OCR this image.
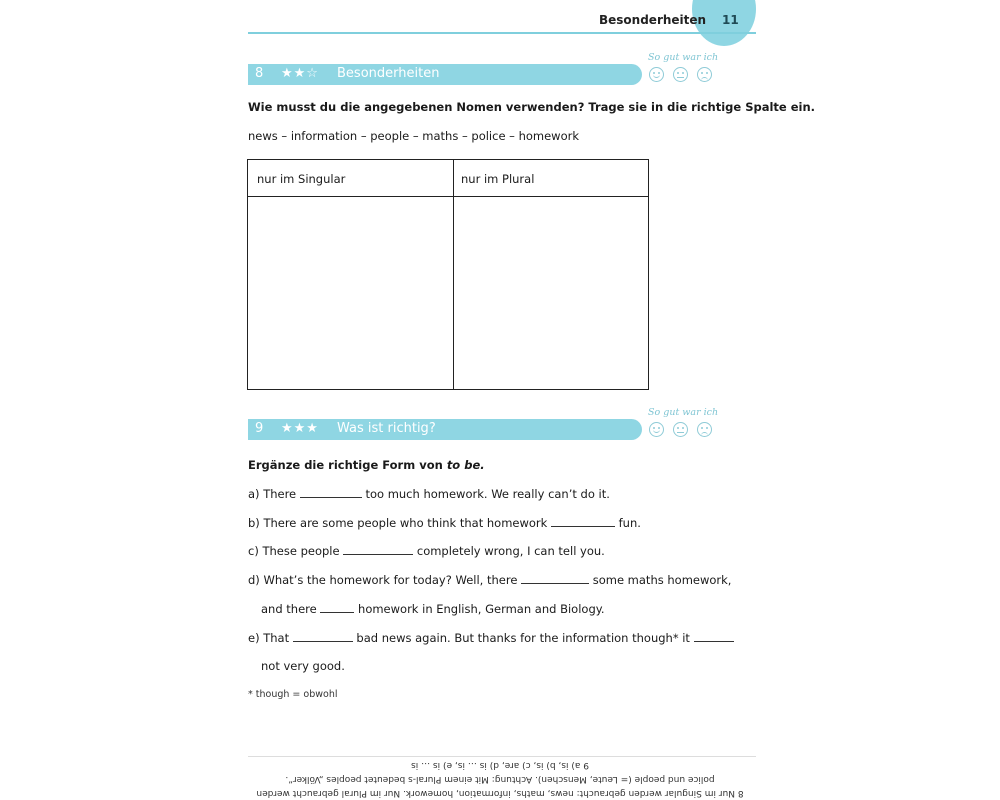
Besonderheiten 11
So gut war ich
8 ★★☆ Besonderheiten
Wie musst du die angegebenen Nomen verwenden? Trage sie in die richtige Spalte ein.
news – information – people – maths – police – homework
nur im Singular	nur im Plural
So gut war ich
9 ★★★ Was ist richtig?
Ergänze die richtige Form von to be.
a) There	too much homework. We really can’t do it.
b) There are some people who think that homework	fun.
c) These people	completely wrong, I can tell you.
d) What’s the homework for today? Well, there	some maths homework,
and there	homework in English, German and Biology.
e) That	bad news again. But thanks for the information though* it
not very good.
* though = obwohl
8 Nur im Singular werden gebraucht: news, maths, information, homework. Nur im Plural gebraucht werden
police und people (= Leute, Menschen). Achtung: Mit einem Plural-s bedeutet peoples „Völker“.
9 a) is, b) is, c) are, d) is … is, e) is … is
